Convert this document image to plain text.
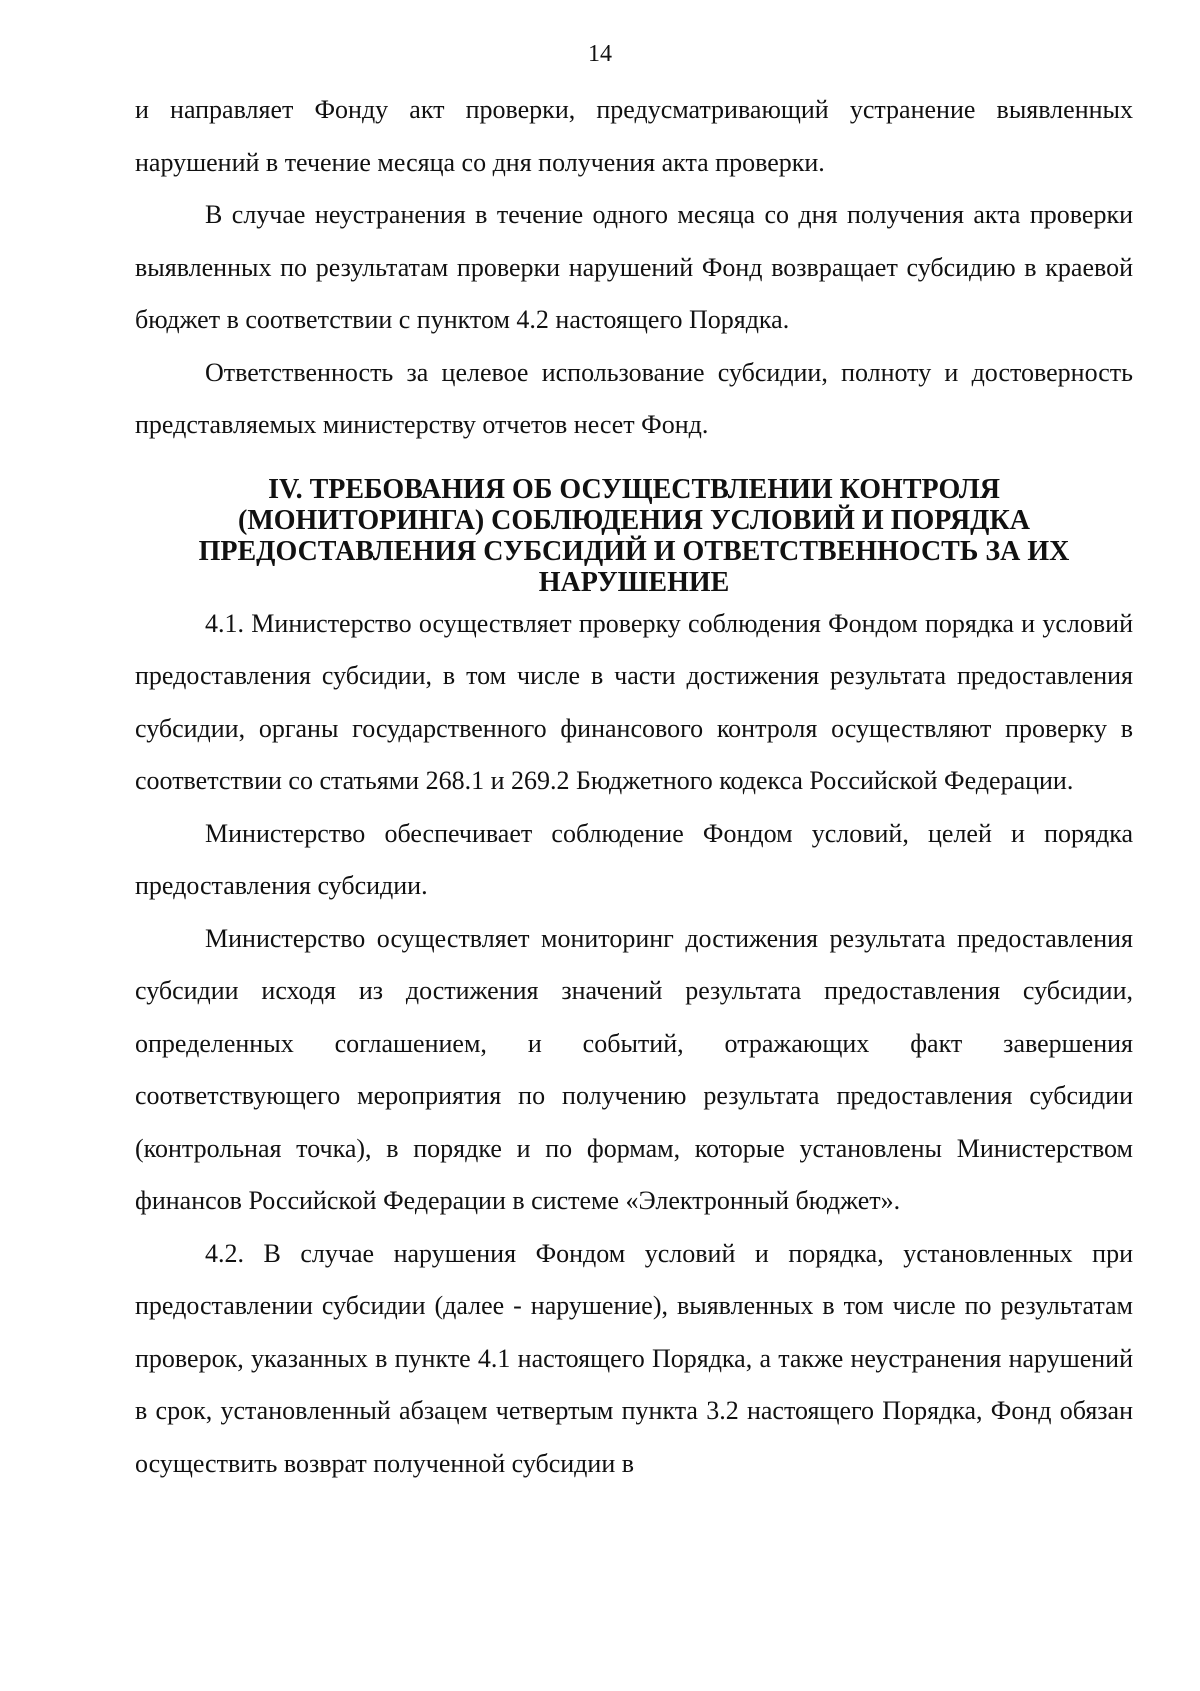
14

и направляет Фонду акт проверки, предусматривающий устранение выявленных нарушений в течение месяца со дня получения акта проверки.

В случае неустранения в течение одного месяца со дня получения акта проверки выявленных по результатам проверки нарушений Фонд возвращает субсидию в краевой бюджет в соответствии с пунктом 4.2 настоящего Порядка.

Ответственность за целевое использование субсидии, полноту и достоверность представляемых министерству отчетов несет Фонд.

IV. ТРЕБОВАНИЯ ОБ ОСУЩЕСТВЛЕНИИ КОНТРОЛЯ (МОНИТОРИНГА) СОБЛЮДЕНИЯ УСЛОВИЙ И ПОРЯДКА ПРЕДОСТАВЛЕНИЯ СУБСИДИЙ И ОТВЕТСТВЕННОСТЬ ЗА ИХ НАРУШЕНИЕ

4.1. Министерство осуществляет проверку соблюдения Фондом порядка и условий предоставления субсидии, в том числе в части достижения результата предоставления субсидии, органы государственного финансового контроля осуществляют проверку в соответствии со статьями 268.1 и 269.2 Бюджетного кодекса Российской Федерации.

Министерство обеспечивает соблюдение Фондом условий, целей и порядка предоставления субсидии.

Министерство осуществляет мониторинг достижения результата предоставления субсидии исходя из достижения значений результата предоставления субсидии, определенных соглашением, и событий, отражающих факт завершения соответствующего мероприятия по получению результата предоставления субсидии (контрольная точка), в порядке и по формам, которые установлены Министерством финансов Российской Федерации в системе «Электронный бюджет».

4.2. В случае нарушения Фондом условий и порядка, установленных при предоставлении субсидии (далее - нарушение), выявленных в том числе по результатам проверок, указанных в пункте 4.1 настоящего Порядка, а также неустранения нарушений в срок, установленный абзацем четвертым пункта 3.2 настоящего Порядка, Фонд обязан осуществить возврат полученной субсидии в
